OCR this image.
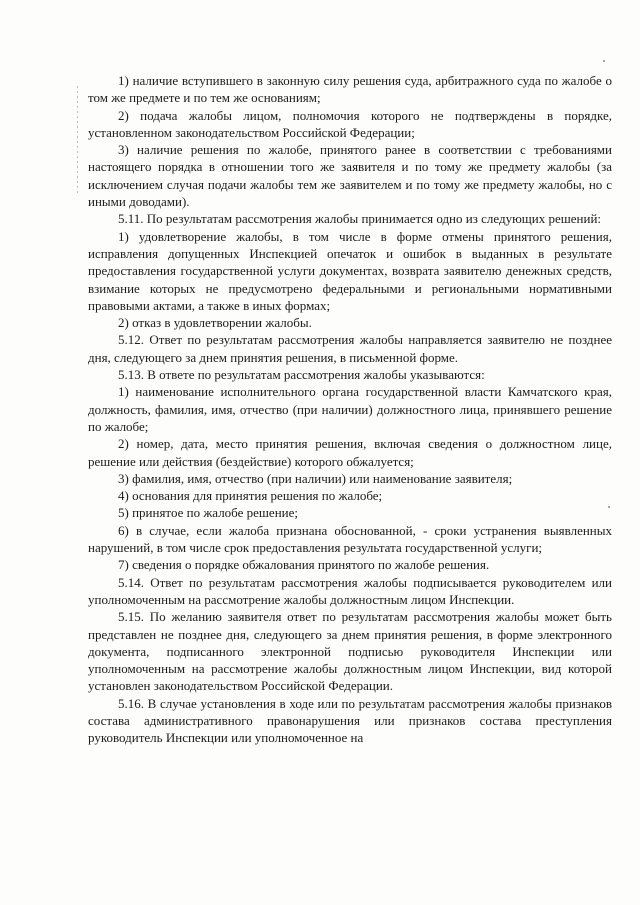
1) наличие вступившего в законную силу решения суда, арбитражного суда по жалобе о том же предмете и по тем же основаниям;

2) подача жалобы лицом, полномочия которого не подтверждены в порядке, установленном законодательством Российской Федерации;

3) наличие решения по жалобе, принятого ранее в соответствии с требованиями настоящего порядка в отношении того же заявителя и по тому же предмету жалобы (за исключением случая подачи жалобы тем же заявителем и по тому же предмету жалобы, но с иными доводами).

5.11. По результатам рассмотрения жалобы принимается одно из следующих решений:

1) удовлетворение жалобы, в том числе в форме отмены принятого решения, исправления допущенных Инспекцией опечаток и ошибок в выданных в результате предоставления государственной услуги документах, возврата заявителю денежных средств, взимание которых не предусмотрено федеральными и региональными нормативными правовыми актами, а также в иных формах;

2) отказ в удовлетворении жалобы.

5.12. Ответ по результатам рассмотрения жалобы направляется заявителю не позднее дня, следующего за днем принятия решения, в письменной форме.

5.13. В ответе по результатам рассмотрения жалобы указываются:

1) наименование исполнительного органа государственной власти Камчатского края, должность, фамилия, имя, отчество (при наличии) должностного лица, принявшего решение по жалобе;

2) номер, дата, место принятия решения, включая сведения о должностном лице, решение или действия (бездействие) которого обжалуется;

3) фамилия, имя, отчество (при наличии) или наименование заявителя;

4) основания для принятия решения по жалобе;

5) принятое по жалобе решение;

6) в случае, если жалоба признана обоснованной, - сроки устранения выявленных нарушений, в том числе срок предоставления результата государственной услуги;

7) сведения о порядке обжалования принятого по жалобе решения.

5.14. Ответ по результатам рассмотрения жалобы подписывается руководителем или уполномоченным на рассмотрение жалобы должностным лицом Инспекции.

5.15. По желанию заявителя ответ по результатам рассмотрения жалобы может быть представлен не позднее дня, следующего за днем принятия решения, в форме электронного документа, подписанного электронной подписью руководителя Инспекции или уполномоченным на рассмотрение жалобы должностным лицом Инспекции, вид которой установлен законодательством Российской Федерации.

5.16. В случае установления в ходе или по результатам рассмотрения жалобы признаков состава административного правонарушения или признаков состава преступления руководитель Инспекции или уполномоченное на
